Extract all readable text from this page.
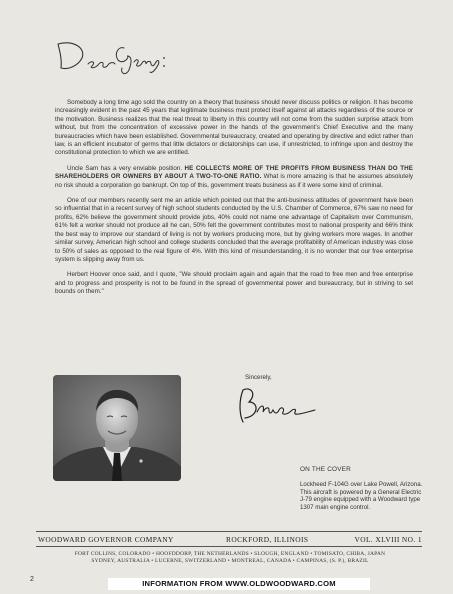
Somebody a long time ago sold the country on a theory that business should never discuss politics or religion. It has become increasingly evident in the past 45 years that legitimate business must protect itself against all attacks regardless of the source or the motivation. Business realizes that the real threat to liberty in this country will not come from the sudden surprise attack from without, but from the concentration of excessive power in the hands of the government's Chief Executive and the many bureaucracies which have been established. Governmental bureaucracy, created and operating by directive and edict rather than law, is an efficient incubator of germs that little dictators or dictatorships can use, if unrestricted, to infringe upon and destroy the constitutional protection to which we are entitled.

Uncle Sam has a very enviable position. HE COLLECTS MORE OF THE PROFITS FROM BUSINESS THAN DO THE SHAREHOLDERS OR OWNERS BY ABOUT A TWO-TO-ONE RATIO. What is more amazing is that he assumes absolutely no risk should a corporation go bankrupt. On top of this, government treats business as if it were some kind of criminal.

One of our members recently sent me an article which pointed out that the anti-business attitudes of government have been so influential that in a recent survey of high school students conducted by the U.S. Chamber of Commerce, 67% saw no need for profits, 62% believe the government should provide jobs, 40% could not name one advantage of Capitalism over Communism, 61% felt a worker should not produce all he can, 50% felt the government contributes most to national prosperity and 66% think the best way to improve our standard of living is not by workers producing more, but by giving workers more wages. In another similar survey, American high school and college students concluded that the average profitability of American industry was close to 50% of sales as opposed to the real figure of 4%. With this kind of misunderstanding, it is no wonder that our free enterprise system is slipping away from us.

Herbert Hoover once said, and I quote, "We should proclaim again and again that the road to free men and free enterprise and to progress and prosperity is not to be found in the spread of governmental power and bureaucracy, but in striving to set bounds on them."

Sincerely,
ON THE COVER
Lockheed F-104G over Lake Powell, Arizona.
This aircraft is powered by a General Electric
J-79 engine equipped with a Woodward type
1307 main engine control.
WOODWARD GOVERNOR COMPANY	ROCKFORD, ILLINOIS	VOL. XLVIII NO. 1
FORT COLLINS, COLORADO • HOOFDDORP, THE NETHERLANDS • SLOUGH, ENGLAND • TOMISATO, CHIBA, JAPAN
SYDNEY, AUSTRALIA • LUCERNE, SWITZERLAND • MONTREAL, CANADA • CAMPINAS, (S. P.), BRAZIL
2	INFORMATION FROM WWW.OLDWOODWARD.COM
